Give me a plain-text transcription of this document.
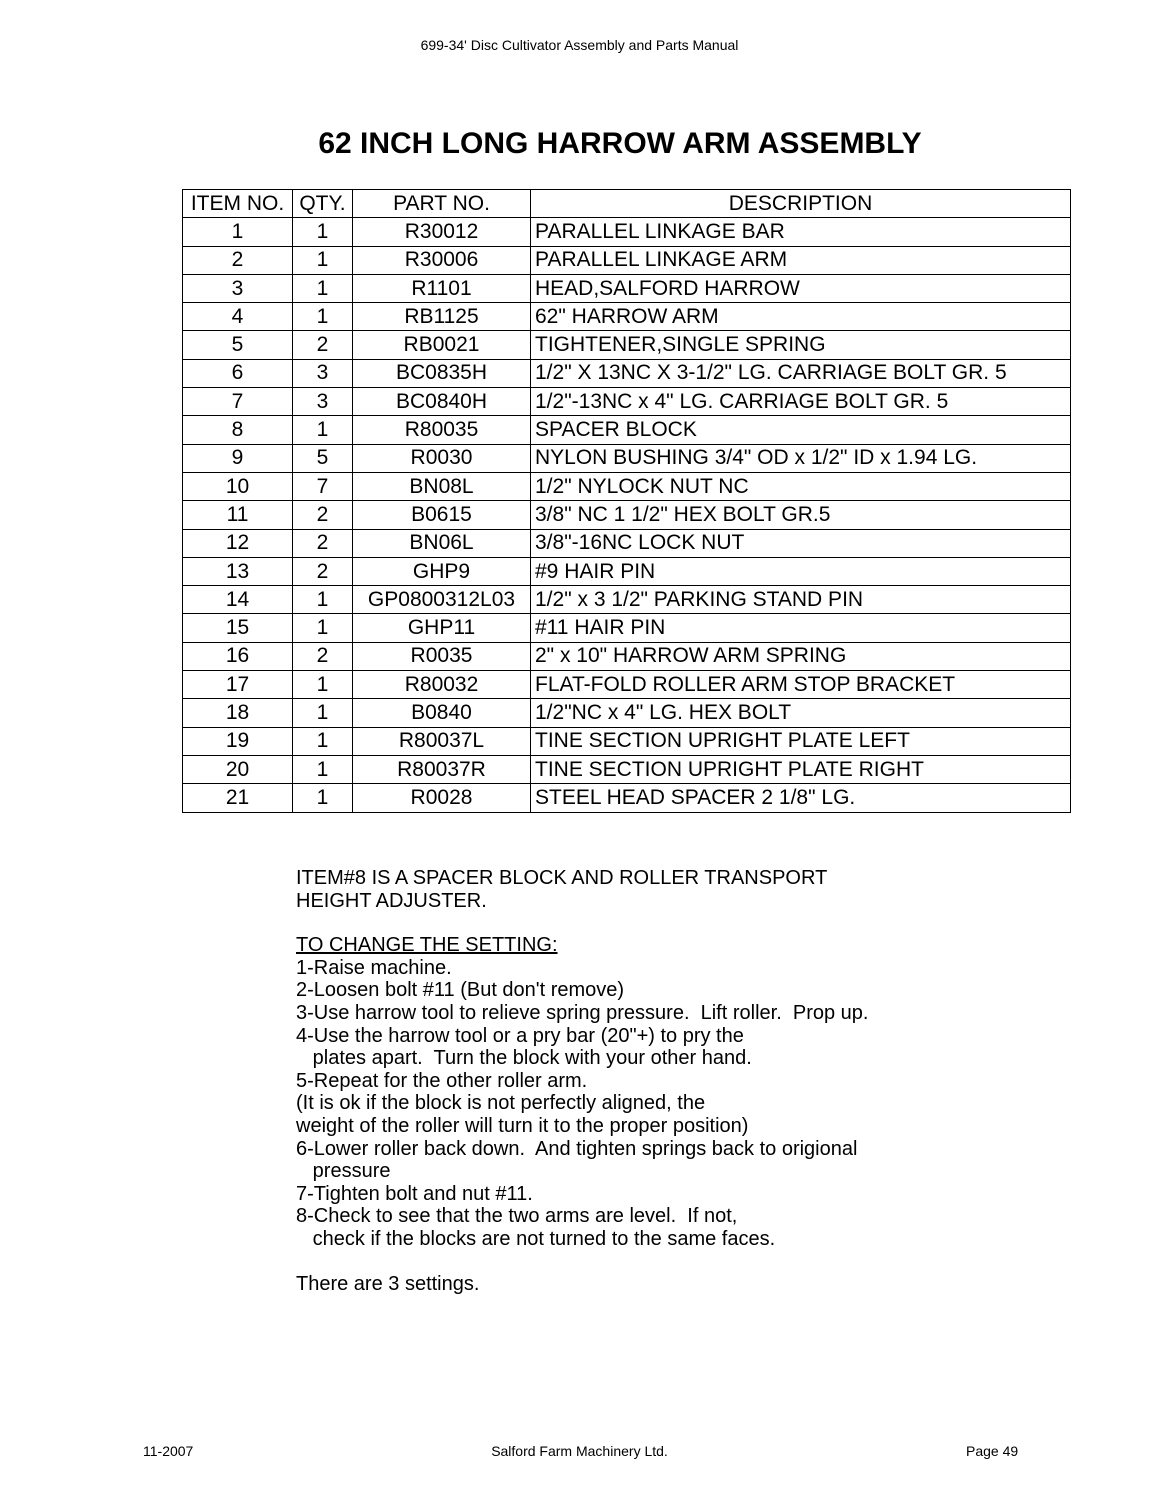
699-34' Disc Cultivator Assembly and Parts Manual
62 INCH LONG HARROW ARM ASSEMBLY
ITEM NO.	QTY.	PART NO.	DESCRIPTION
1	1	R30012	PARALLEL LINKAGE BAR
2	1	R30006	PARALLEL LINKAGE ARM
3	1	R1101	HEAD,SALFORD HARROW
4	1	RB1125	62" HARROW ARM
5	2	RB0021	TIGHTENER,SINGLE SPRING
6	3	BC0835H	1/2" X 13NC X 3-1/2" LG. CARRIAGE BOLT GR. 5
7	3	BC0840H	1/2"-13NC x 4" LG. CARRIAGE BOLT GR. 5
8	1	R80035	SPACER BLOCK
9	5	R0030	NYLON BUSHING 3/4" OD x 1/2" ID x 1.94 LG.
10	7	BN08L	1/2" NYLOCK NUT NC
11	2	B0615	3/8" NC 1 1/2" HEX BOLT GR.5
12	2	BN06L	3/8"-16NC LOCK NUT
13	2	GHP9	#9 HAIR PIN
14	1	GP0800312L03	1/2" x 3 1/2" PARKING STAND PIN
15	1	GHP11	#11 HAIR PIN
16	2	R0035	2" x 10" HARROW ARM SPRING
17	1	R80032	FLAT-FOLD ROLLER ARM STOP BRACKET
18	1	B0840	1/2"NC x 4" LG. HEX BOLT
19	1	R80037L	TINE SECTION UPRIGHT PLATE LEFT
20	1	R80037R	TINE SECTION UPRIGHT PLATE RIGHT
21	1	R0028	STEEL HEAD SPACER 2 1/8" LG.
ITEM#8 IS A SPACER BLOCK AND ROLLER TRANSPORT
HEIGHT ADJUSTER.
TO CHANGE THE SETTING:
1-Raise machine.
2-Loosen bolt #11 (But don't remove)
3-Use harrow tool to relieve spring pressure.  Lift roller.  Prop up.
4-Use the harrow tool or a pry bar (20"+) to pry the
plates apart.  Turn the block with your other hand.
5-Repeat for the other roller arm.
(It is ok if the block is not perfectly aligned, the
weight of the roller will turn it to the proper position)
6-Lower roller back down.  And tighten springs back to origional
pressure
7-Tighten bolt and nut #11.
8-Check to see that the two arms are level.  If not,
check if the blocks are not turned to the same faces.
There are 3 settings.
11-2007	Salford Farm Machinery Ltd.	Page 49
